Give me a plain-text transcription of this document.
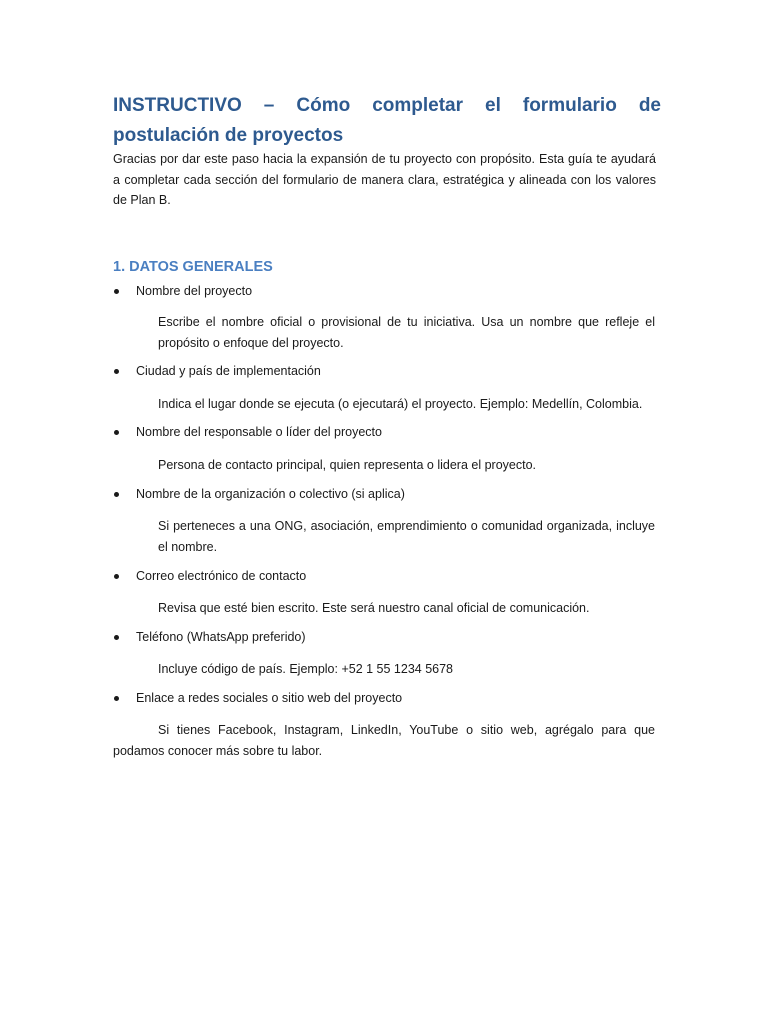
INSTRUCTIVO – Cómo completar el formulario de postulación de proyectos

Gracias por dar este paso hacia la expansión de tu proyecto con propósito. Esta guía te ayudará a completar cada sección del formulario de manera clara, estratégica y alineada con los valores de Plan B.

1. DATOS GENERALES
Nombre del proyecto

Escribe el nombre oficial o provisional de tu iniciativa. Usa un nombre que refleje el propósito o enfoque del proyecto.

Ciudad y país de implementación

Indica el lugar donde se ejecuta (o ejecutará) el proyecto. Ejemplo: Medellín, Colombia.

Nombre del responsable o líder del proyecto

Persona de contacto principal, quien representa o lidera el proyecto.

Nombre de la organización o colectivo (si aplica)

Si perteneces a una ONG, asociación, emprendimiento o comunidad organizada, incluye el nombre.

Correo electrónico de contacto

Revisa que esté bien escrito. Este será nuestro canal oficial de comunicación.

Teléfono (WhatsApp preferido)

Incluye código de país. Ejemplo: +52 1 55 1234 5678

Enlace a redes sociales o sitio web del proyecto

Si tienes Facebook, Instagram, LinkedIn, YouTube o sitio web, agrégalo para que podamos conocer más sobre tu labor.
